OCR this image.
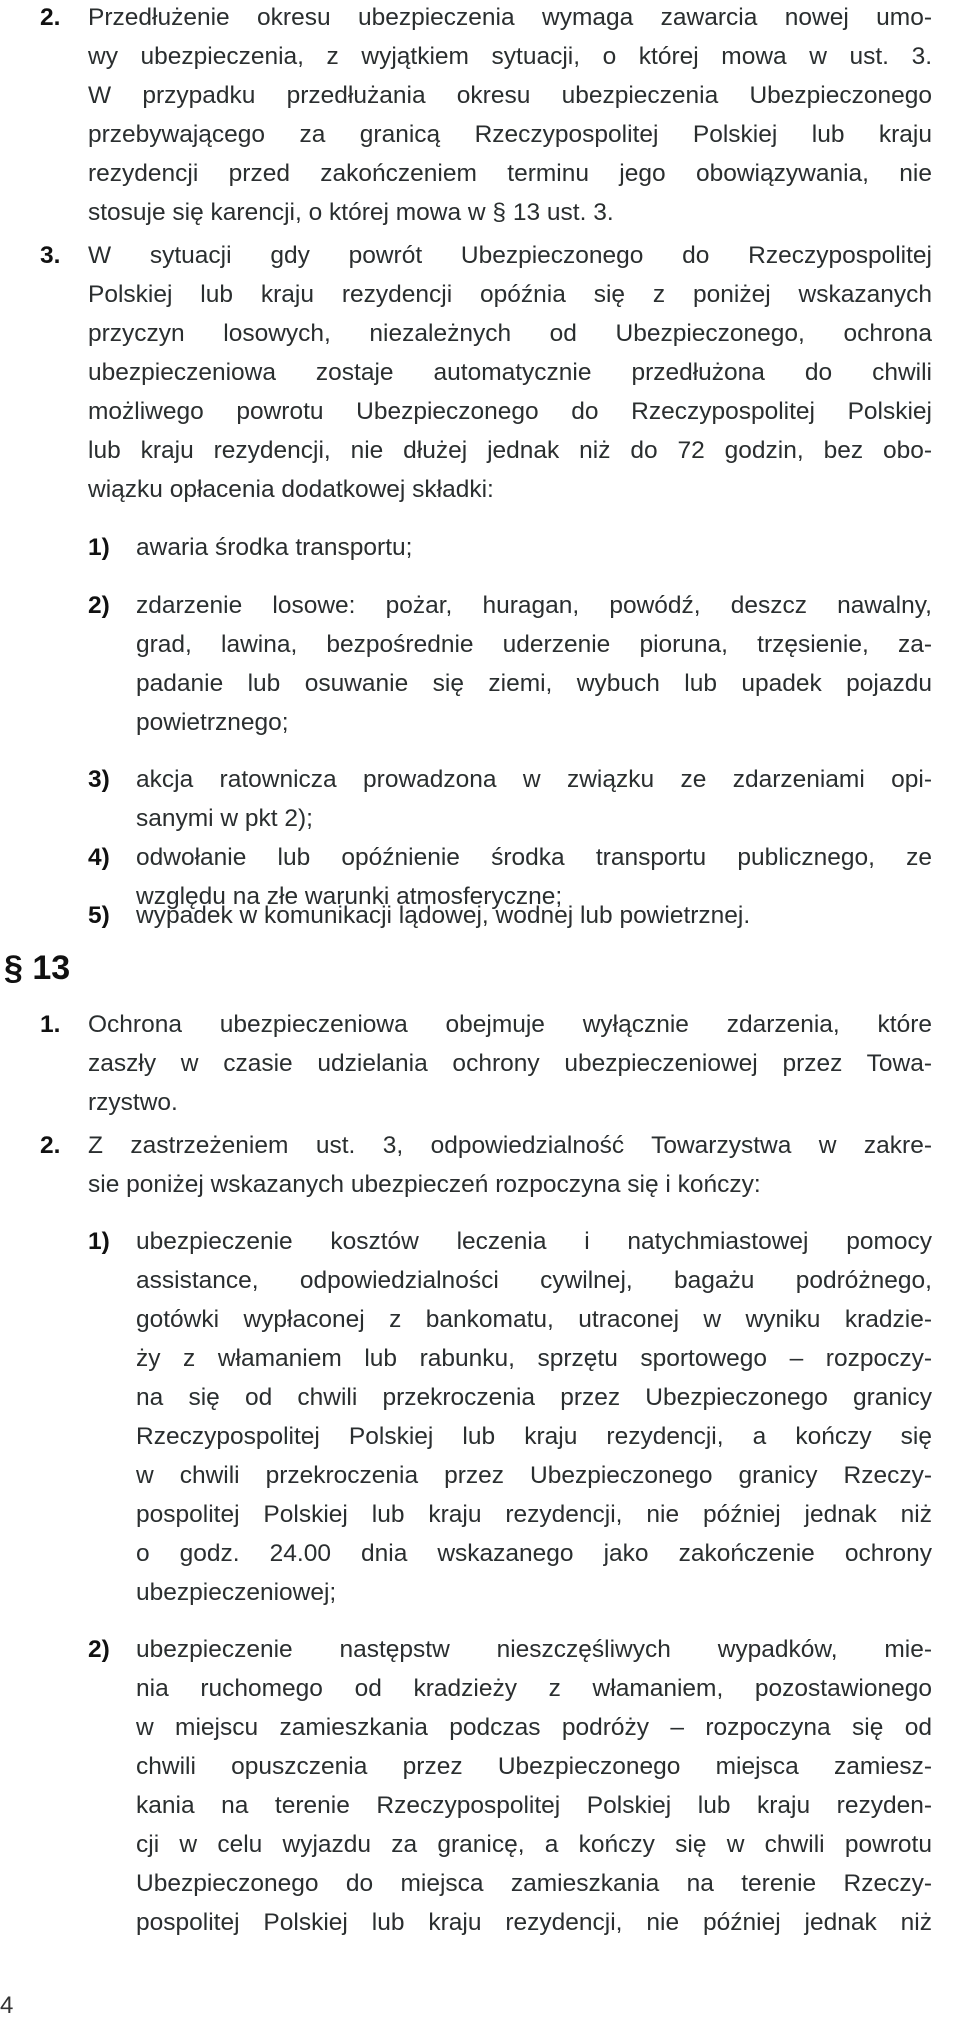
2. Przedłużenie okresu ubezpieczenia wymaga zawarcia nowej umo-
wy ubezpieczenia, z wyjątkiem sytuacji, o której mowa w ust. 3.
W przypadku przedłużania okresu ubezpieczenia Ubezpieczonego
przebywającego za granicą Rzeczypospolitej Polskiej lub kraju
rezydencji przed zakończeniem terminu jego obowiązywania, nie
stosuje się karencji, o której mowa w § 13 ust. 3.
3. W sytuacji gdy powrót Ubezpieczonego do Rzeczypospolitej
Polskiej lub kraju rezydencji opóźnia się z poniżej wskazanych
przyczyn losowych, niezależnych od Ubezpieczonego, ochrona
ubezpieczeniowa zostaje automatycznie przedłużona do chwili
możliwego powrotu Ubezpieczonego do Rzeczypospolitej Polskiej
lub kraju rezydencji, nie dłużej jednak niż do 72 godzin, bez obo-
wiązku opłacenia dodatkowej składki:
1) awaria środka transportu;
2) zdarzenie losowe: pożar, huragan, powódź, deszcz nawalny,
grad, lawina, bezpośrednie uderzenie pioruna, trzęsienie, za-
padanie lub osuwanie się ziemi, wybuch lub upadek pojazdu
powietrznego;
3) akcja ratownicza prowadzona w związku ze zdarzeniami opi-
sanymi w pkt 2);
4) odwołanie lub opóźnienie środka transportu publicznego, ze
względu na złe warunki atmosferyczne;
5) wypadek w komunikacji lądowej, wodnej lub powietrznej.
§ 13
1. Ochrona ubezpieczeniowa obejmuje wyłącznie zdarzenia, które
zaszły w czasie udzielania ochrony ubezpieczeniowej przez Towa-
rzystwo.
2. Z zastrzeżeniem ust. 3, odpowiedzialność Towarzystwa w zakre-
sie poniżej wskazanych ubezpieczeń rozpoczyna się i kończy:
1) ubezpieczenie kosztów leczenia i natychmiastowej pomocy
assistance, odpowiedzialności cywilnej, bagażu podróżnego,
gotówki wypłaconej z bankomatu, utraconej w wyniku kradzie-
ży z włamaniem lub rabunku, sprzętu sportowego – rozpoczy-
na się od chwili przekroczenia przez Ubezpieczonego granicy
Rzeczypospolitej Polskiej lub kraju rezydencji, a kończy się
w chwili przekroczenia przez Ubezpieczonego granicy Rzeczy-
pospolitej Polskiej lub kraju rezydencji, nie później jednak niż
o godz. 24.00 dnia wskazanego jako zakończenie ochrony
ubezpieczeniowej;
2) ubezpieczenie następstw nieszczęśliwych wypadków, mie-
nia ruchomego od kradzieży z włamaniem, pozostawionego
w miejscu zamieszkania podczas podróży – rozpoczyna się od
chwili opuszczenia przez Ubezpieczonego miejsca zamiesz-
kania na terenie Rzeczypospolitej Polskiej lub kraju rezyden-
cji w celu wyjazdu za granicę, a kończy się w chwili powrotu
Ubezpieczonego do miejsca zamieszkania na terenie Rzeczy-
pospolitej Polskiej lub kraju rezydencji, nie później jednak niż
4
